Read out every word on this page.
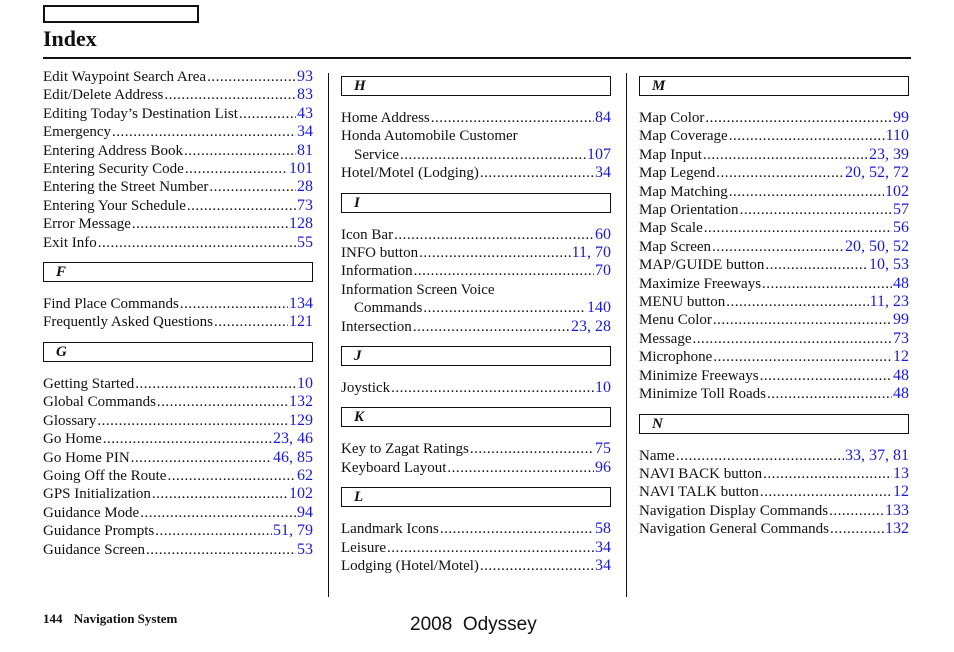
Index
Edit Waypoint Search Area .....	93
Edit/Delete Address .....	83
Editing Today’s Destination List .....	43
Emergency .....	34
Entering Address Book .....	81
Entering Security Code .....	101
Entering the Street Number .....	28
Entering Your Schedule .....	73
Error Message .....	128
Exit Info .....	55
F
Find Place Commands .....	134
Frequently Asked Questions .....	121
G
Getting Started .....	10
Global Commands .....	132
Glossary .....	129
Go Home .....	23, 46
Go Home PIN .....	46, 85
Going Off the Route .....	62
GPS Initialization .....	102
Guidance Mode .....	94
Guidance Prompts .....	51, 79
Guidance Screen .....	53
H
Home Address .....	84
Honda Automobile Customer
Service .....	107
Hotel/Motel (Lodging) .....	34
I
Icon Bar .....	60
INFO button .....	11, 70
Information .....	70
Information Screen Voice
Commands .....	140
Intersection .....	23, 28
J
Joystick .....	10
K
Key to Zagat Ratings .....	75
Keyboard Layout .....	96
L
Landmark Icons .....	58
Leisure .....	34
Lodging (Hotel/Motel) .....	34
M
Map Color .....	99
Map Coverage .....	110
Map Input .....	23, 39
Map Legend .....	20, 52, 72
Map Matching .....	102
Map Orientation .....	57
Map Scale .....	56
Map Screen .....	20, 50, 52
MAP/GUIDE button .....	10, 53
Maximize Freeways .....	48
MENU button .....	11, 23
Menu Color .....	99
Message .....	73
Microphone .....	12
Minimize Freeways .....	48
Minimize Toll Roads .....	48
N
Name .....	33, 37, 81
NAVI BACK button .....	13
NAVI TALK button .....	12
Navigation Display Commands .....	133
Navigation General Commands .....	132
144 Navigation System	2008  Odyssey
